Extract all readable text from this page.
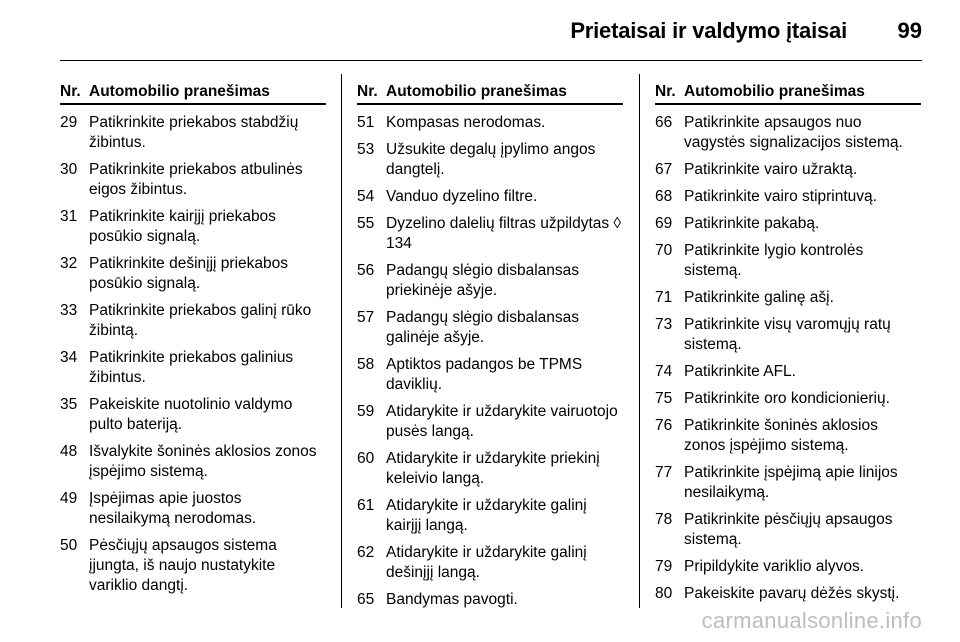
Prietaisai ir valdymo įtaisai 99
Nr. Automobilio pranešimas
29 Patikrinkite priekabos stabdžių žibintus.
30 Patikrinkite priekabos atbulinės eigos žibintus.
31 Patikrinkite kairįjį priekabos posūkio signalą.
32 Patikrinkite dešinįjį priekabos posūkio signalą.
33 Patikrinkite priekabos galinį rūko žibintą.
34 Patikrinkite priekabos galinius žibintus.
35 Pakeiskite nuotolinio valdymo pulto bateriją.
48 Išvalykite šoninės aklosios zonos įspėjimo sistemą.
49 Įspėjimas apie juostos nesilaikymą nerodomas.
50 Pėsčiųjų apsaugos sistema įjungta, iš naujo nustatykite variklio dangtį.
Nr. Automobilio pranešimas
51 Kompasas nerodomas.
53 Užsukite degalų įpylimo angos dangtelį.
54 Vanduo dyzelino filtre.
55 Dyzelino dalelių filtras užpildytas ◊ 134
56 Padangų slėgio disbalansas priekinėje ašyje.
57 Padangų slėgio disbalansas galinėje ašyje.
58 Aptiktos padangos be TPMS daviklių.
59 Atidarykite ir uždarykite vairuotojo pusės langą.
60 Atidarykite ir uždarykite priekinį keleivio langą.
61 Atidarykite ir uždarykite galinį kairįjį langą.
62 Atidarykite ir uždarykite galinį dešinįjį langą.
65 Bandymas pavogti.
Nr. Automobilio pranešimas
66 Patikrinkite apsaugos nuo vagystės signalizacijos sistemą.
67 Patikrinkite vairo užraktą.
68 Patikrinkite vairo stiprintuvą.
69 Patikrinkite pakabą.
70 Patikrinkite lygio kontrolės sistemą.
71 Patikrinkite galinę ašį.
73 Patikrinkite visų varomųjų ratų sistemą.
74 Patikrinkite AFL.
75 Patikrinkite oro kondicionierių.
76 Patikrinkite šoninės aklosios zonos įspėjimo sistemą.
77 Patikrinkite įspėjimą apie linijos nesilaikymą.
78 Patikrinkite pėsčiųjų apsaugos sistemą.
79 Pripildykite variklio alyvos.
80 Pakeiskite pavarų dėžės skystį.
carmanualsonline.info
